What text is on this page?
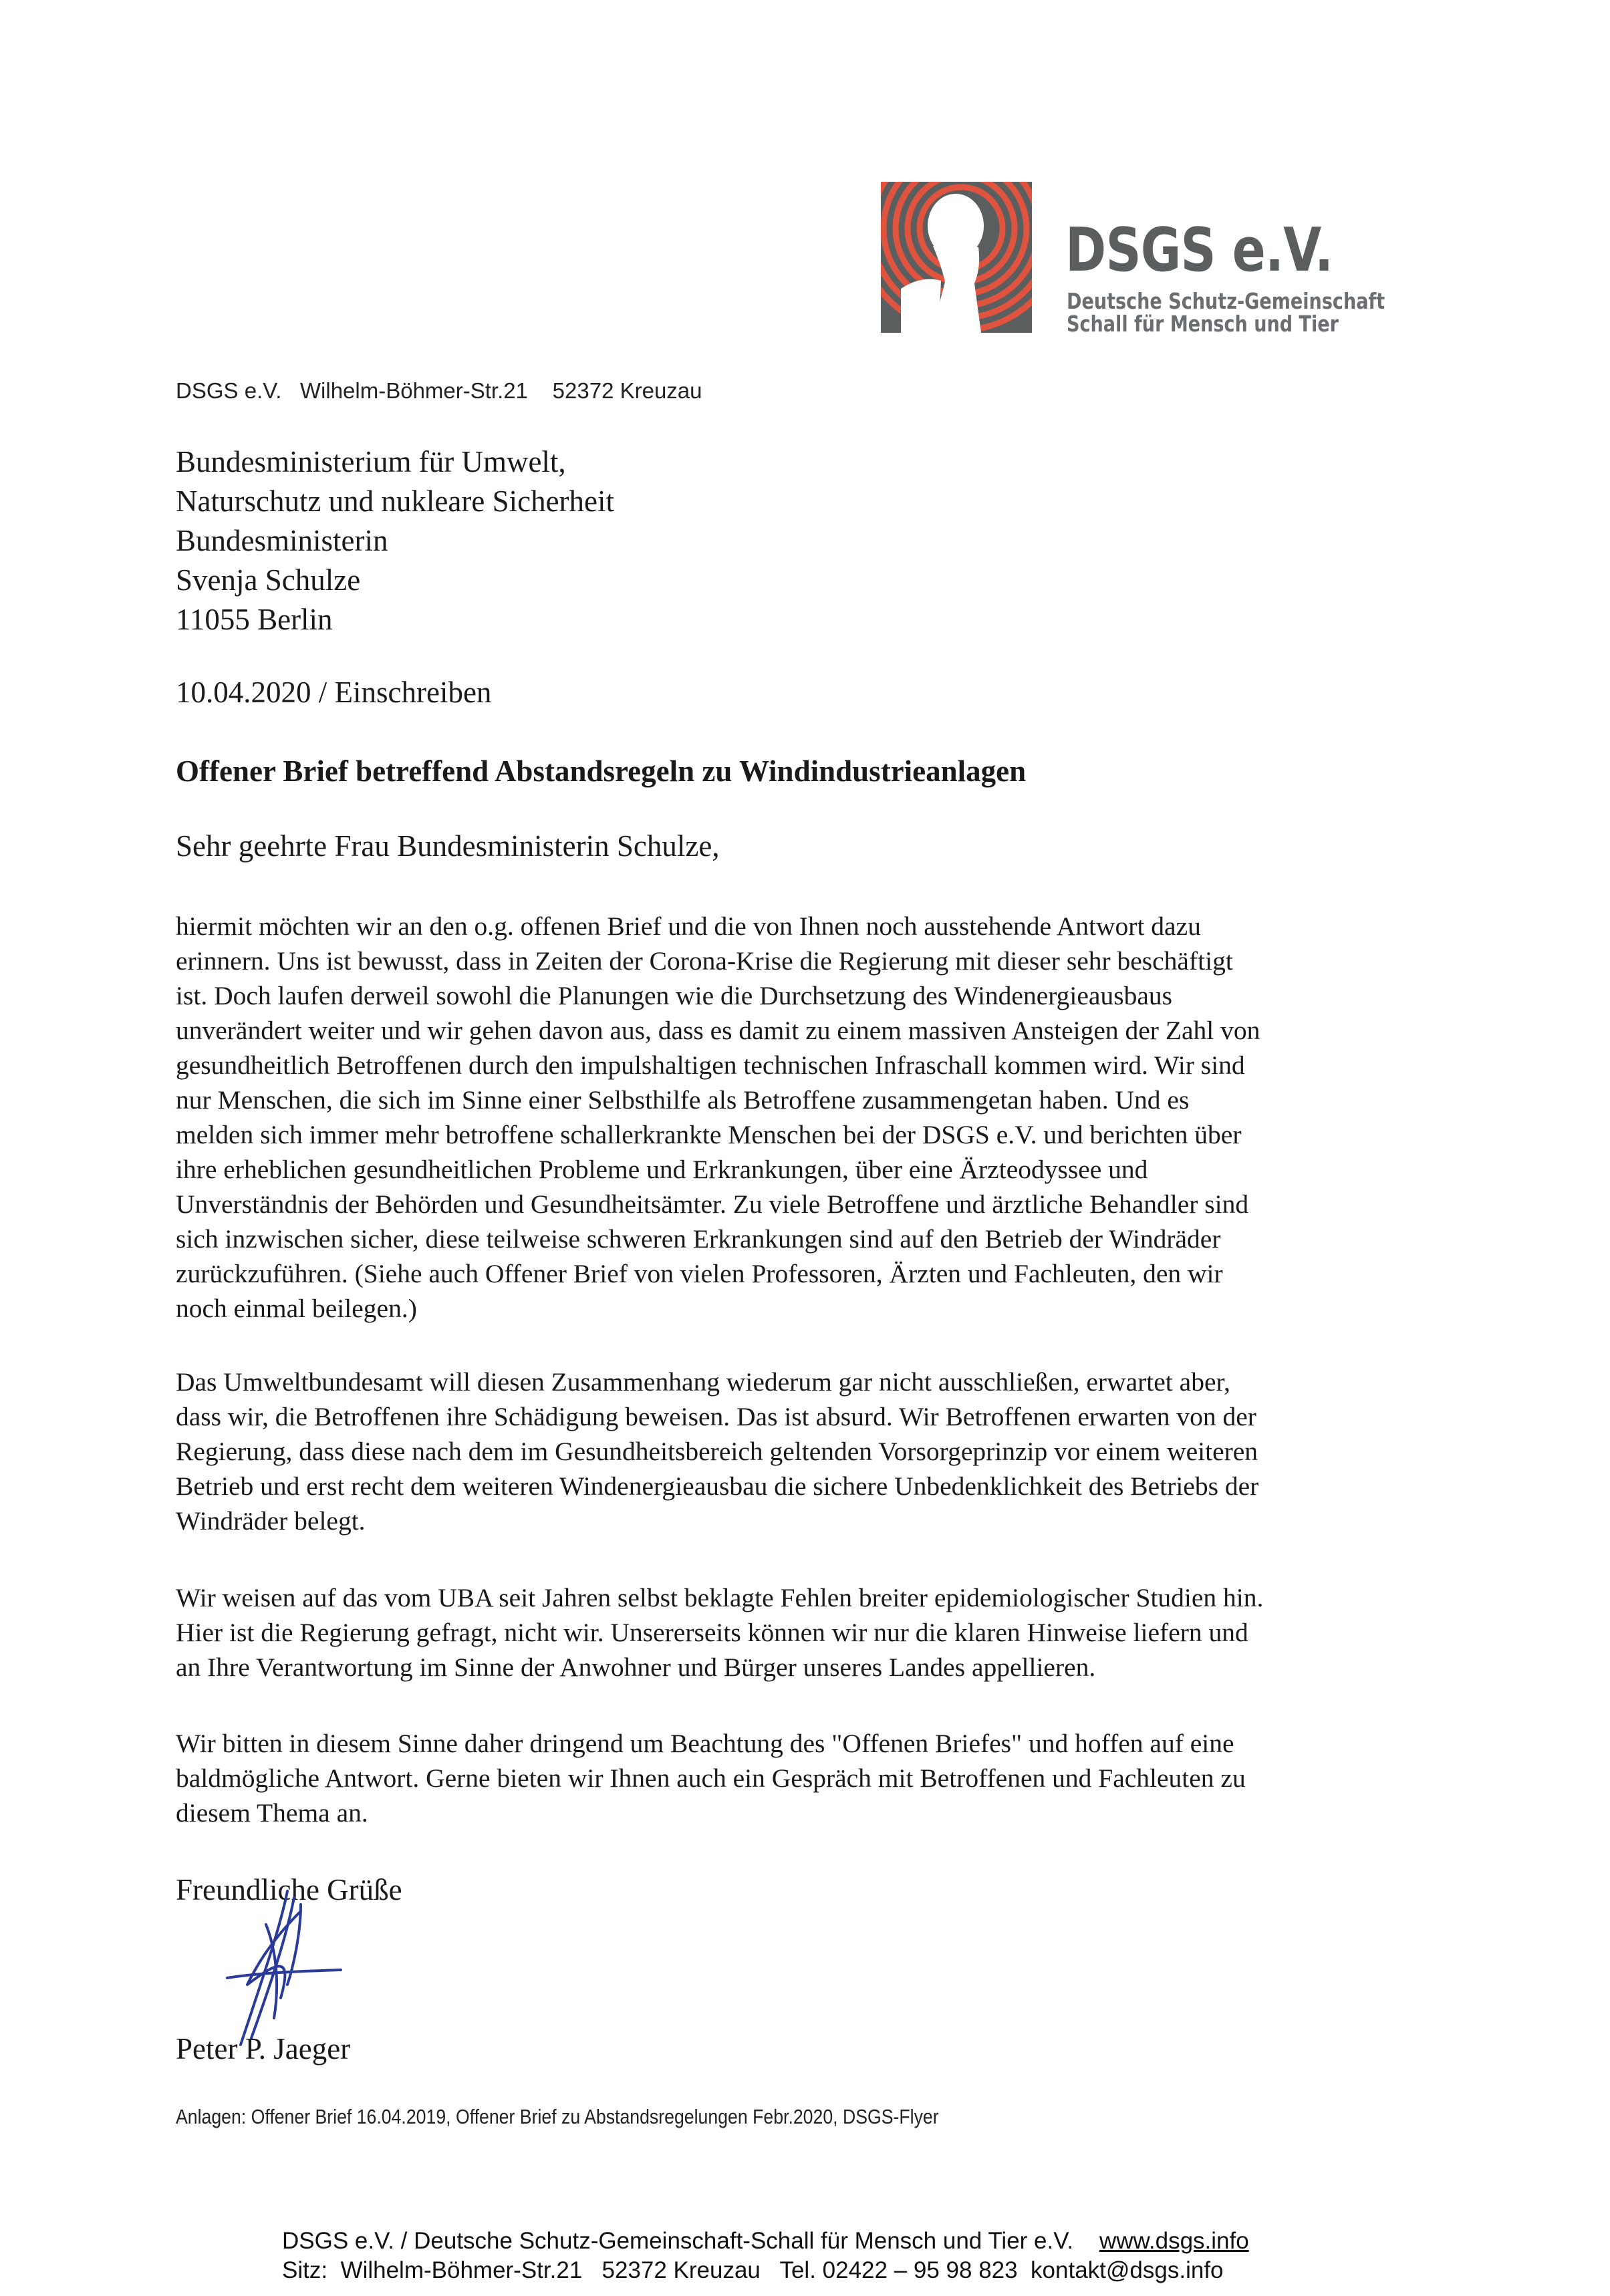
DSGS e.V.
Deutsche Schutz-Gemeinschaft
Schall für Mensch und Tier
DSGS e.V. Wilhelm-Böhmer-Str.21 52372 Kreuzau
Bundesministerium für Umwelt,
Naturschutz und nukleare Sicherheit
Bundesministerin
Svenja Schulze
11055 Berlin
10.04.2020 / Einschreiben
Offener Brief betreffend Abstandsregeln zu Windindustrieanlagen
Sehr geehrte Frau Bundesministerin Schulze,
hiermit möchten wir an den o.g. offenen Brief und die von Ihnen noch ausstehende Antwort dazu
erinnern. Uns ist bewusst, dass in Zeiten der Corona-Krise die Regierung mit dieser sehr beschäftigt
ist. Doch laufen derweil sowohl die Planungen wie die Durchsetzung des Windenergieausbaus
unverändert weiter und wir gehen davon aus, dass es damit zu einem massiven Ansteigen der Zahl von
gesundheitlich Betroffenen durch den impulshaltigen technischen Infraschall kommen wird. Wir sind
nur Menschen, die sich im Sinne einer Selbsthilfe als Betroffene zusammengetan haben. Und es
melden sich immer mehr betroffene schallerkrankte Menschen bei der DSGS e.V. und berichten über
ihre erheblichen gesundheitlichen Probleme und Erkrankungen, über eine Ärzteodyssee und
Unverständnis der Behörden und Gesundheitsämter. Zu viele Betroffene und ärztliche Behandler sind
sich inzwischen sicher, diese teilweise schweren Erkrankungen sind auf den Betrieb der Windräder
zurückzuführen. (Siehe auch Offener Brief von vielen Professoren, Ärzten und Fachleuten, den wir
noch einmal beilegen.)
Das Umweltbundesamt will diesen Zusammenhang wiederum gar nicht ausschließen, erwartet aber,
dass wir, die Betroffenen ihre Schädigung beweisen. Das ist absurd. Wir Betroffenen erwarten von der
Regierung, dass diese nach dem im Gesundheitsbereich geltenden Vorsorgeprinzip vor einem weiteren
Betrieb und erst recht dem weiteren Windenergieausbau die sichere Unbedenklichkeit des Betriebs der
Windräder belegt.
Wir weisen auf das vom UBA seit Jahren selbst beklagte Fehlen breiter epidemiologischer Studien hin.
Hier ist die Regierung gefragt, nicht wir. Unsererseits können wir nur die klaren Hinweise liefern und
an Ihre Verantwortung im Sinne der Anwohner und Bürger unseres Landes appellieren.
Wir bitten in diesem Sinne daher dringend um Beachtung des "Offenen Briefes" und hoffen auf eine
baldmögliche Antwort. Gerne bieten wir Ihnen auch ein Gespräch mit Betroffenen und Fachleuten zu
diesem Thema an.
Freundliche Grüße
Peter P. Jaeger
Anlagen: Offener Brief 16.04.2019, Offener Brief zu Abstandsregelungen Febr.2020, DSGS-Flyer
DSGS e.V. / Deutsche Schutz-Gemeinschaft-Schall für Mensch und Tier e.V. www.dsgs.info
Sitz: Wilhelm-Böhmer-Str.21 52372 Kreuzau Tel. 02422 – 95 98 823 kontakt@dsgs.info
